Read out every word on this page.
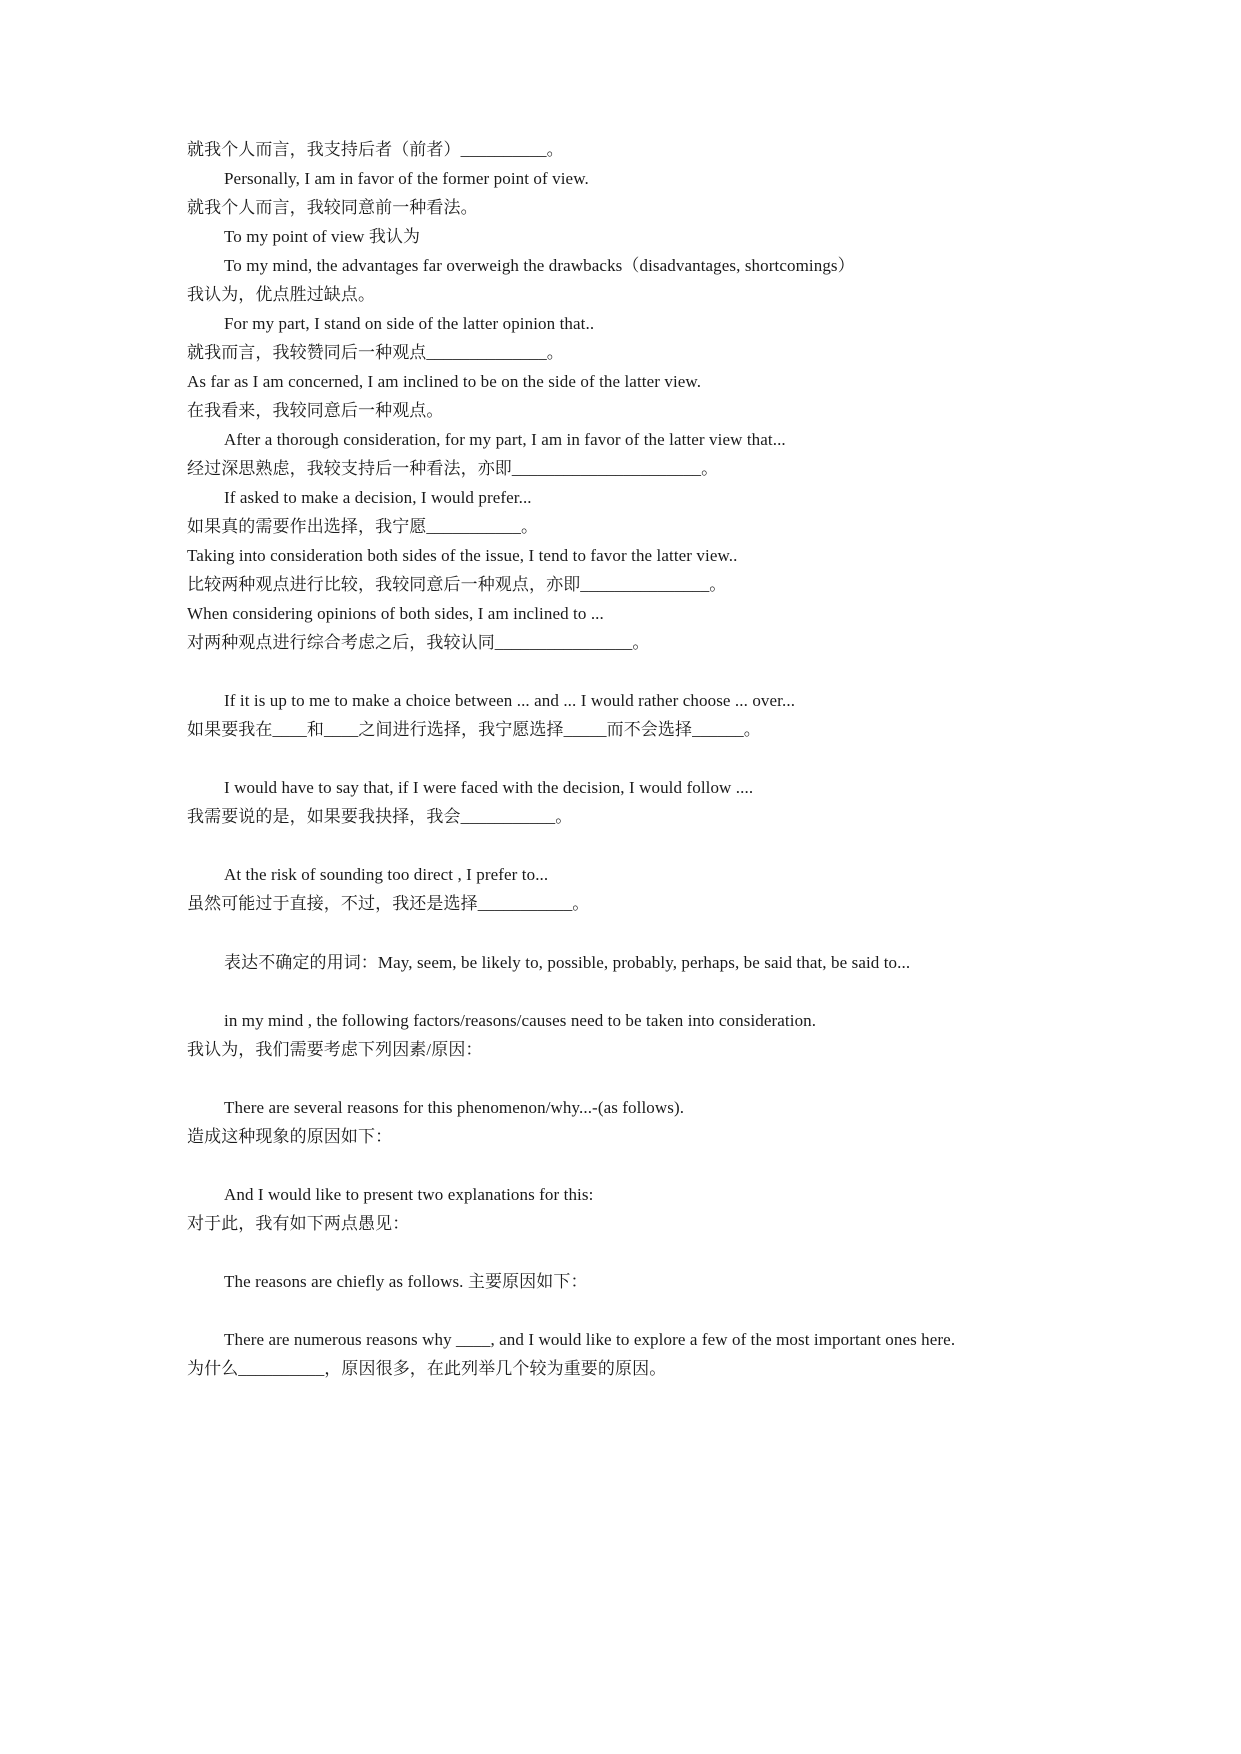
就我个人而言，我支持后者（前者）__________。
Personally, I am in favor of the former point of view.
就我个人而言，我较同意前一种看法。
To my point of view 我认为
To my mind, the advantages far overweigh the drawbacks（disadvantages, shortcomings）
我认为，优点胜过缺点。
For my part, I stand on side of the latter opinion that..
就我而言，我较赞同后一种观点______________。
As far as I am concerned, I am inclined to be on the side of the latter view.
在我看来，我较同意后一种观点。
After a thorough consideration, for my part, I am in favor of the latter view that...
经过深思熟虑，我较支持后一种看法，亦即______________________。
If asked to make a decision, I would prefer...
如果真的需要作出选择，我宁愿___________。
Taking into consideration both sides of the issue, I tend to favor the latter view..
比较两种观点进行比较，我较同意后一种观点，亦即_______________。
When considering opinions of both sides, I am inclined to ...
对两种观点进行综合考虑之后，我较认同________________。
If it is up to me to make a choice between ... and ... I would rather choose ... over...
如果要我在____和____之间进行选择，我宁愿选择_____而不会选择______。
I would have to say that, if I were faced with the decision, I would follow ....
我需要说的是，如果要我抉择，我会___________。
At the risk of sounding too direct , I prefer to...
虽然可能过于直接，不过，我还是选择___________。
表达不确定的用词：May, seem, be likely to, possible, probably, perhaps, be said that, be said to...
in my mind , the following factors/reasons/causes need to be taken into consideration.
我认为，我们需要考虑下列因素/原因：
There are several reasons for this phenomenon/why...-(as follows).
造成这种现象的原因如下：
And I would like to present two explanations for this:
对于此，我有如下两点愚见：
The reasons are chiefly as follows. 主要原因如下：
There are numerous reasons why ____, and I would like to explore a few of the most important ones here.
为什么__________，原因很多，在此列举几个较为重要的原因。
